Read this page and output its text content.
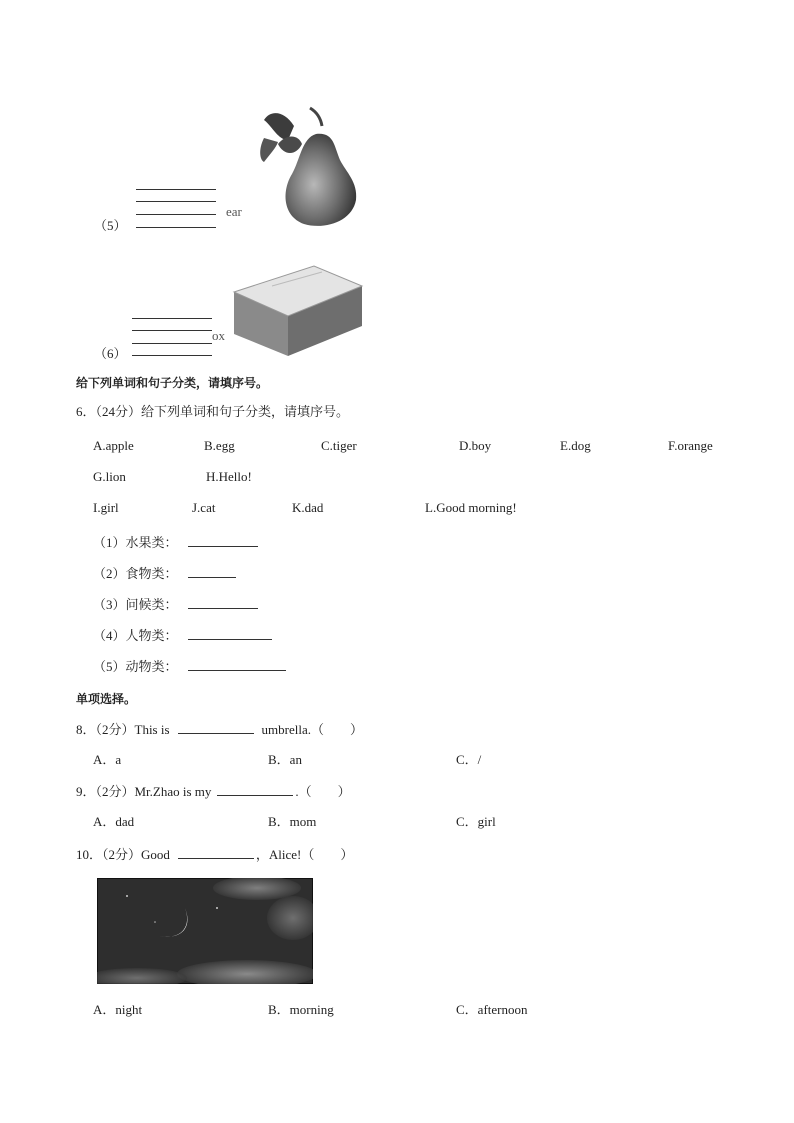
（5）
ear
（6）
ox
给下列单词和句子分类，请填序号。
6．（24分）给下列单词和句子分类，请填序号。
A.apple	B.egg	C.tiger	D.boy	E.dog	F.orange
G.lion	H.Hello!
I.girl	J.cat	K.dad	L.Good morning!
（1）水果类：
（2）食物类：
（3）问候类：
（4）人物类：
（5）动物类：
单项选择。
8．（2分）This is	umbrella.（　　）
A．a	B．an	C．/
9．（2分）Mr.Zhao is my	.（　　）
A．dad	B．mom	C．girl
10．（2分）Good	，Alice!（　　）
A．night	B．morning	C．afternoon
